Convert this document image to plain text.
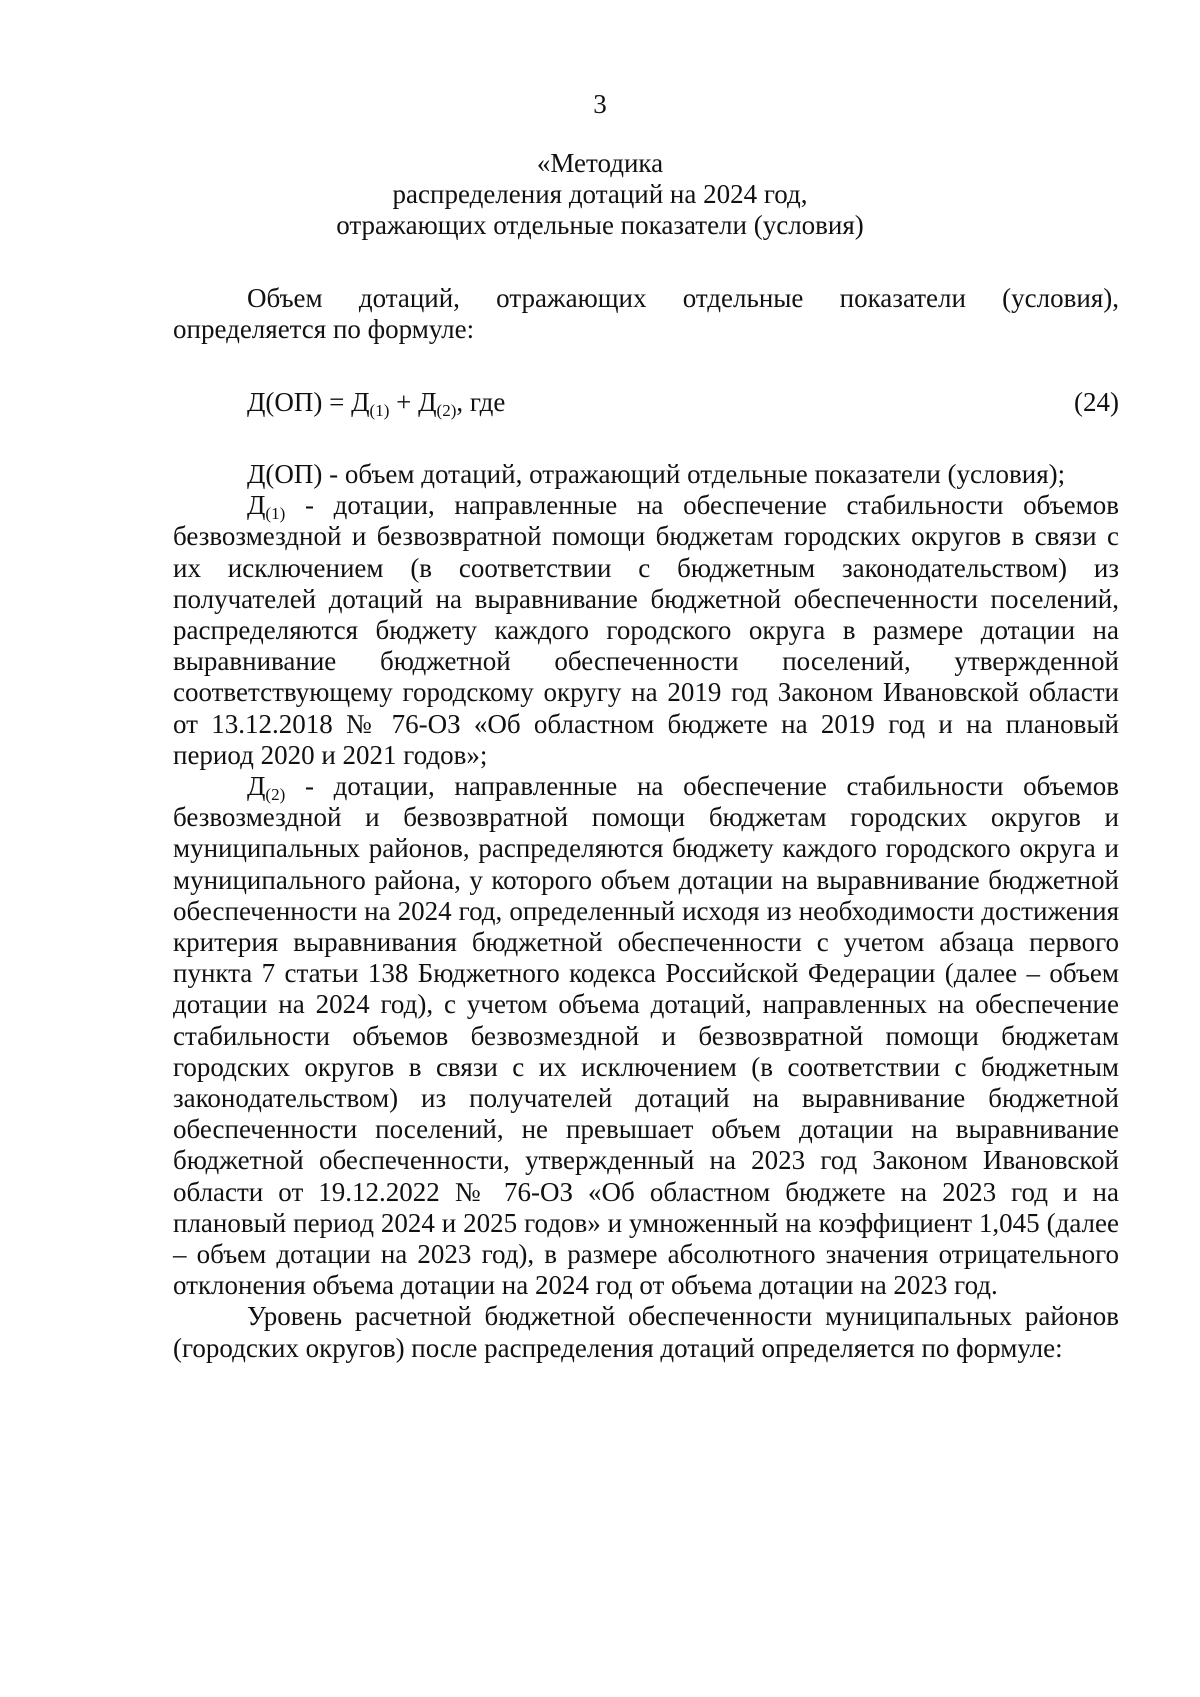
3
«Методика
распределения дотаций на 2024 год,
отражающих отдельные показатели (условия)

Объем дотаций, отражающих отдельные показатели (условия), определяется по формуле:

$Д(ОП) = Д_{(1)} + Д_{(2)}$, где	(24)

Д(ОП) - объем дотаций, отражающий отдельные показатели (условия);

$Д_{(1)}$ - дотации, направленные на обеспечение стабильности объемов безвозмездной и безвозвратной помощи бюджетам городских округов в связи с их исключением (в соответствии с бюджетным законодательством) из получателей дотаций на выравнивание бюджетной обеспеченности поселений, распределяются бюджету каждого городского округа в размере дотации на выравнивание бюджетной обеспеченности поселений, утвержденной соответствующему городскому округу на 2019 год Законом Ивановской области от 13.12.2018 № 76-ОЗ «Об областном бюджете на 2019 год и на плановый период 2020 и 2021 годов»;

$Д_{(2)}$ - дотации, направленные на обеспечение стабильности объемов безвозмездной и безвозвратной помощи бюджетам городских округов и муниципальных районов, распределяются бюджету каждого городского округа и муниципального района, у которого объем дотации на выравнивание бюджетной обеспеченности на 2024 год, определенный исходя из необходимости достижения критерия выравнивания бюджетной обеспеченности с учетом абзаца первого пункта 7 статьи 138 Бюджетного кодекса Российской Федерации (далее – объем дотации на 2024 год), с учетом объема дотаций, направленных на обеспечение стабильности объемов безвозмездной и безвозвратной помощи бюджетам городских округов в связи с их исключением (в соответствии с бюджетным законодательством) из получателей дотаций на выравнивание бюджетной обеспеченности поселений, не превышает объем дотации на выравнивание бюджетной обеспеченности, утвержденный на 2023 год Законом Ивановской области от 19.12.2022 № 76-ОЗ «Об областном бюджете на 2023 год и на плановый период 2024 и 2025 годов» и умноженный на коэффициент 1,045 (далее – объем дотации на 2023 год), в размере абсолютного значения отрицательного отклонения объема дотации на 2024 год от объема дотации на 2023 год.

Уровень расчетной бюджетной обеспеченности муниципальных районов (городских округов) после распределения дотаций определяется по формуле:
